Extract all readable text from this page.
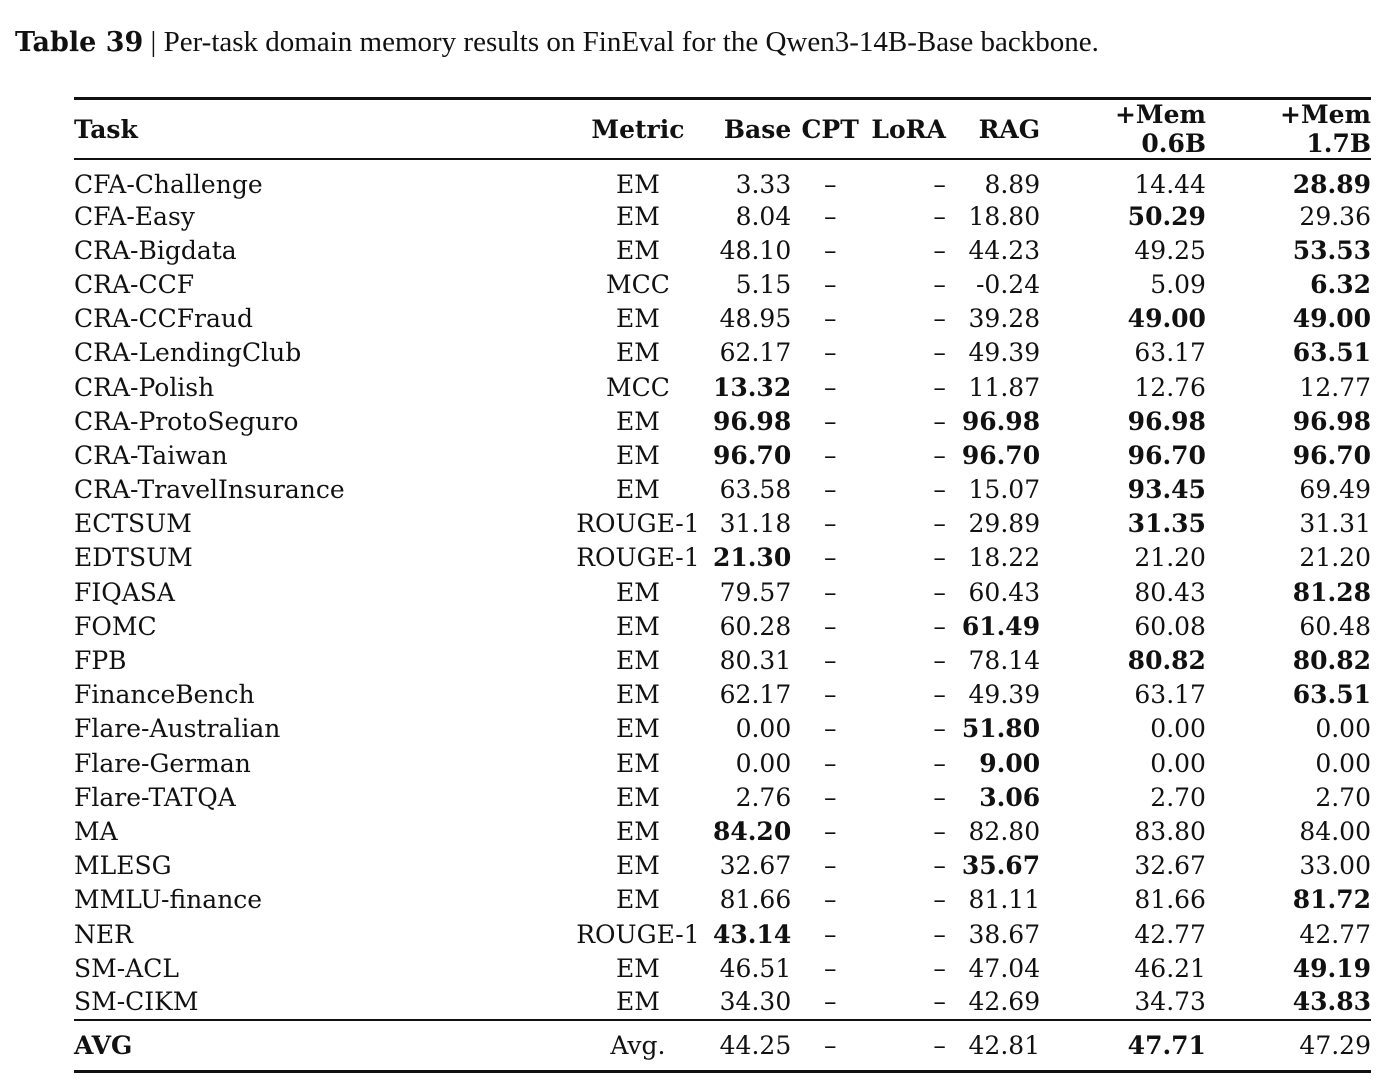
Table 39 | Per-task domain memory results on FinEval for the Qwen3-14B-Base backbone.
Task	Metric	Base	CPT	LoRA	RAG	+Mem 0.6B	+Mem 1.7B
CFA-Challenge	EM	3.33	–	–	8.89	14.44	28.89
CFA-Easy	EM	8.04	–	–	18.80	50.29	29.36
CRA-Bigdata	EM	48.10	–	–	44.23	49.25	53.53
CRA-CCF	MCC	5.15	–	–	-0.24	5.09	6.32
CRA-CCFraud	EM	48.95	–	–	39.28	49.00	49.00
CRA-LendingClub	EM	62.17	–	–	49.39	63.17	63.51
CRA-Polish	MCC	13.32	–	–	11.87	12.76	12.77
CRA-ProtoSeguro	EM	96.98	–	–	96.98	96.98	96.98
CRA-Taiwan	EM	96.70	–	–	96.70	96.70	96.70
CRA-TravelInsurance	EM	63.58	–	–	15.07	93.45	69.49
ECTSUM	ROUGE-1	31.18	–	–	29.89	31.35	31.31
EDTSUM	ROUGE-1	21.30	–	–	18.22	21.20	21.20
FIQASA	EM	79.57	–	–	60.43	80.43	81.28
FOMC	EM	60.28	–	–	61.49	60.08	60.48
FPB	EM	80.31	–	–	78.14	80.82	80.82
FinanceBench	EM	62.17	–	–	49.39	63.17	63.51
Flare-Australian	EM	0.00	–	–	51.80	0.00	0.00
Flare-German	EM	0.00	–	–	9.00	0.00	0.00
Flare-TATQA	EM	2.76	–	–	3.06	2.70	2.70
MA	EM	84.20	–	–	82.80	83.80	84.00
MLESG	EM	32.67	–	–	35.67	32.67	33.00
MMLU-finance	EM	81.66	–	–	81.11	81.66	81.72
NER	ROUGE-1	43.14	–	–	38.67	42.77	42.77
SM-ACL	EM	46.51	–	–	47.04	46.21	49.19
SM-CIKM	EM	34.30	–	–	42.69	34.73	43.83
AVG	Avg.	44.25	–	–	42.81	47.71	47.29
